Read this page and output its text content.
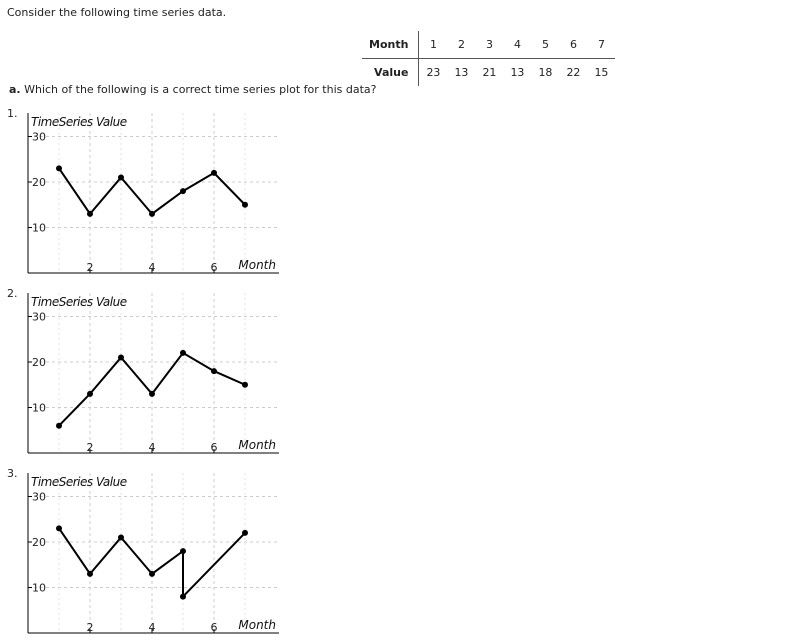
Consider the following time series data.
Month	1	2	3	4	5	6	7
Value	23	13	21	13	18	22	15
a. Which of the following is a correct time series plot for this data?
1.
30
20
10
2	4	6
TimeSeries Value
Month
2.
30
20
10
2	4	6
TimeSeries Value
Month
3.
30
20
10
2	4	6
TimeSeries Value
Month
